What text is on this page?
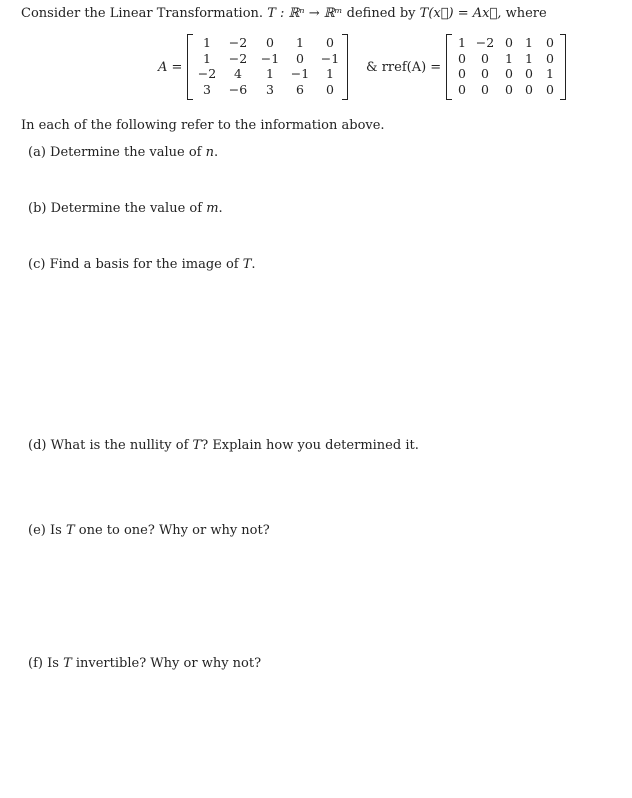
Consider the Linear Transformation. T : ℝⁿ → ℝᵐ defined by T(x⃗) = Ax⃗, where
A =
1	−2	0	1	0
1	−2	−1	0	−1
−2	4	1	−1	1
3	−6	3	6	0
& rref(A) =
1	−2	0	1	0
0	0	1	1	0
0	0	0	0	1
0	0	0	0	0
In each of the following refer to the information above.
(a) Determine the value of n.
(b) Determine the value of m.
(c) Find a basis for the image of T.
(d) What is the nullity of T? Explain how you determined it.
(e) Is T one to one? Why or why not?
(f) Is T invertible? Why or why not?
